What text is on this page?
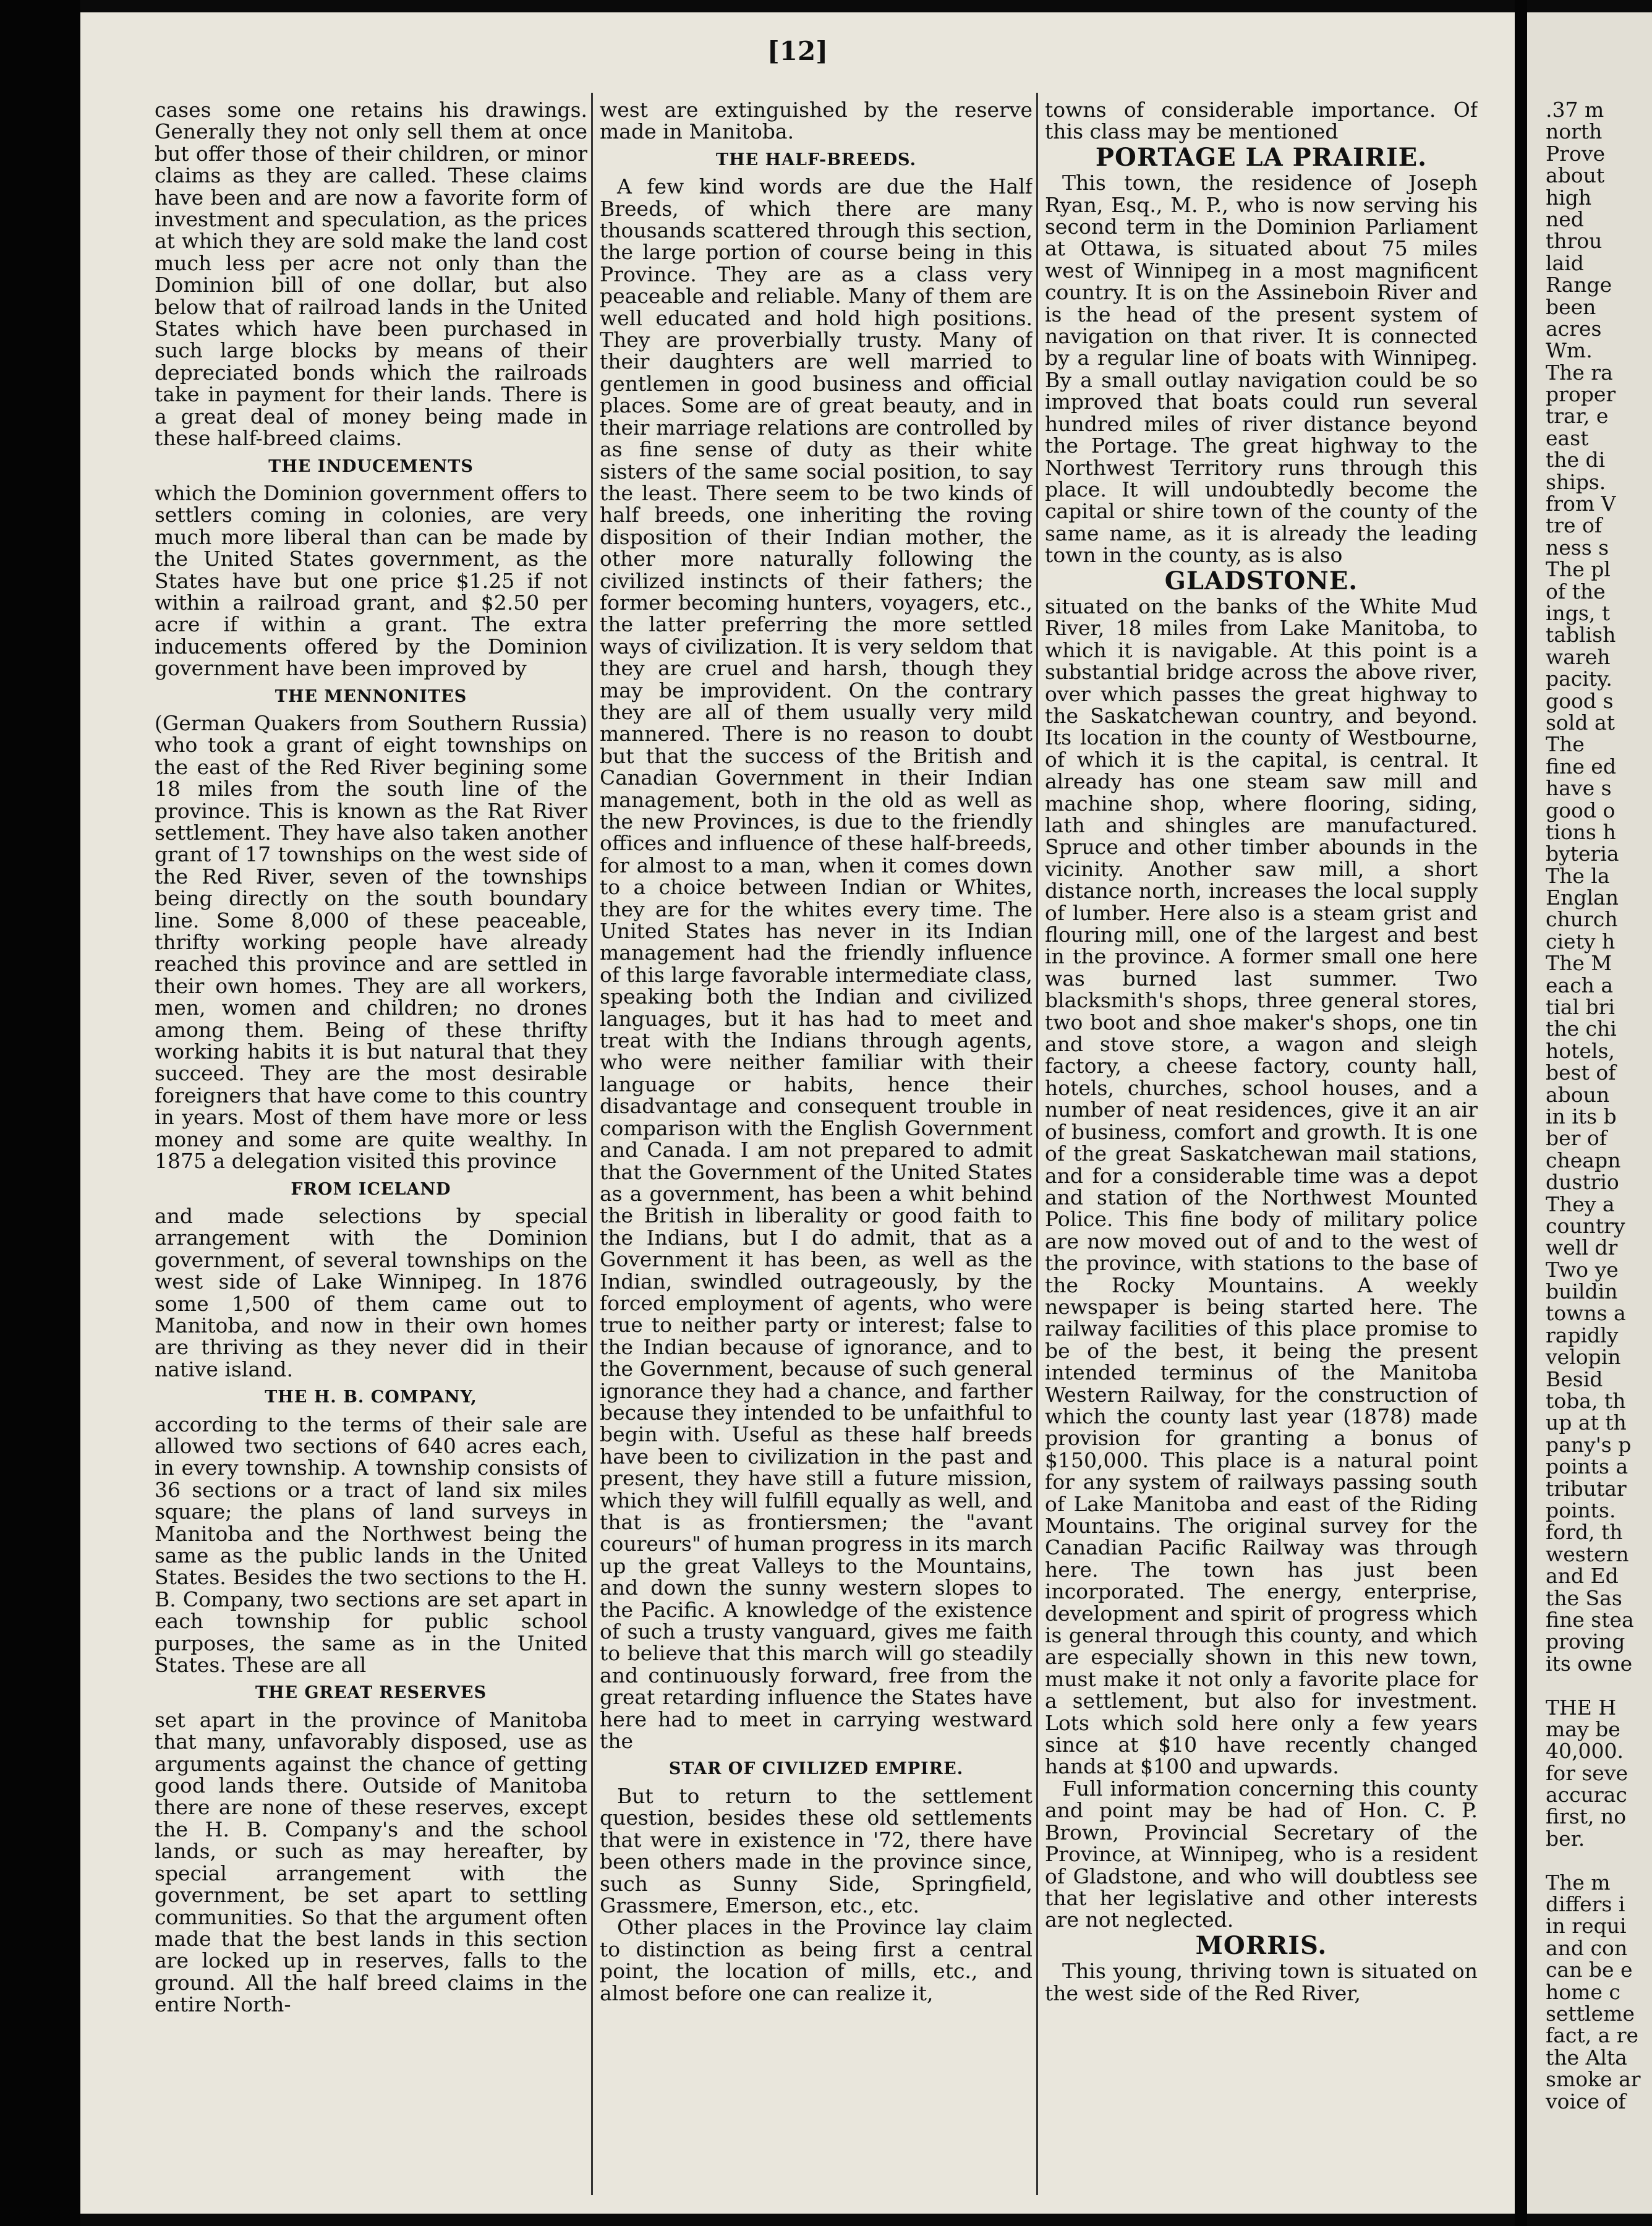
[12]

cases some one retains his drawings. Generally they not only sell them at once but offer those of their children, or minor claims as they are called. These claims have been and are now a favorite form of investment and speculation, as the prices at which they are sold make the land cost much less per acre not only than the Dominion bill of one dollar, but also below that of railroad lands in the United States which have been purchased in such large blocks by means of their depreciated bonds which the railroads take in payment for their lands. There is a great deal of money being made in these half-breed claims.

THE INDUCEMENTS

which the Dominion government offers to settlers coming in colonies, are very much more liberal than can be made by the United States government, as the States have but one price $1.25 if not within a railroad grant, and $2.50 per acre if within a grant. The extra inducements offered by the Dominion government have been improved by

THE MENNONITES

(German Quakers from Southern Russia) who took a grant of eight townships on the east of the Red River begining some 18 miles from the south line of the province. This is known as the Rat River settlement. They have also taken another grant of 17 townships on the west side of the Red River, seven of the townships being directly on the south boundary line. Some 8,000 of these peaceable, thrifty working people have already reached this province and are settled in their own homes. They are all workers, men, women and children; no drones among them. Being of these thrifty working habits it is but natural that they succeed. They are the most desirable foreigners that have come to this country in years. Most of them have more or less money and some are quite wealthy. In 1875 a delegation visited this province

FROM ICELAND

and made selections by special arrangement with the Dominion government, of several townships on the west side of Lake Winnipeg. In 1876 some 1,500 of them came out to Manitoba, and now in their own homes are thriving as they never did in their native island.

THE H. B. COMPANY,

according to the terms of their sale are allowed two sections of 640 acres each, in every township. A township consists of 36 sections or a tract of land six miles square; the plans of land surveys in Manitoba and the Northwest being the same as the public lands in the United States. Besides the two sections to the H. B. Company, two sections are set apart in each township for public school purposes, the same as in the United States. These are all

THE GREAT RESERVES

set apart in the province of Manitoba that many, unfavorably disposed, use as arguments against the chance of getting good lands there. Outside of Manitoba there are none of these reserves, except the H. B. Company's and the school lands, or such as may hereafter, by special arrangement with the government, be set apart to settling communities. So that the argument often made that the best lands in this section are locked up in reserves, falls to the ground. All the half breed claims in the entire North-

west are extinguished by the reserve made in Manitoba.

THE HALF-BREEDS.

A few kind words are due the Half Breeds, of which there are many thousands scattered through this section, the large portion of course being in this Province. They are as a class very peaceable and reliable. Many of them are well educated and hold high positions. They are proverbially trusty. Many of their daughters are well married to gentlemen in good business and official places. Some are of great beauty, and in their marriage relations are controlled by as fine sense of duty as their white sisters of the same social position, to say the least. There seem to be two kinds of half breeds, one inheriting the roving disposition of their Indian mother, the other more naturally following the civilized instincts of their fathers; the former becoming hunters, voyagers, etc., the latter preferring the more settled ways of civilization. It is very seldom that they are cruel and harsh, though they may be improvident. On the contrary they are all of them usually very mild mannered. There is no reason to doubt but that the success of the British and Canadian Government in their Indian management, both in the old as well as the new Provinces, is due to the friendly offices and influence of these half-breeds, for almost to a man, when it comes down to a choice between Indian or Whites, they are for the whites every time. The United States has never in its Indian management had the friendly influence of this large favorable intermediate class, speaking both the Indian and civilized languages, but it has had to meet and treat with the Indians through agents, who were neither familiar with their language or habits, hence their disadvantage and consequent trouble in comparison with the English Government and Canada. I am not prepared to admit that the Government of the United States as a government, has been a whit behind the British in liberality or good faith to the Indians, but I do admit, that as a Government it has been, as well as the Indian, swindled outrageously, by the forced employment of agents, who were true to neither party or interest; false to the Indian because of ignorance, and to the Government, because of such general ignorance they had a chance, and farther because they intended to be unfaithful to begin with. Useful as these half breeds have been to civilization in the past and present, they have still a future mission, which they will fulfill equally as well, and that is as frontiersmen; the "avant coureurs" of human progress in its march up the great Valleys to the Mountains, and down the sunny western slopes to the Pacific. A knowledge of the existence of such a trusty vanguard, gives me faith to believe that this march will go steadily and continuously forward, free from the great retarding influence the States have here had to meet in carrying westward the

STAR OF CIVILIZED EMPIRE.

But to return to the settlement question, besides these old settlements that were in existence in '72, there have been others made in the province since, such as Sunny Side, Springfield, Grassmere, Emerson, etc., etc.

Other places in the Province lay claim to distinction as being first a central point, the location of mills, etc., and almost before one can realize it,

towns of considerable importance. Of this class may be mentioned

PORTAGE LA PRAIRIE.

This town, the residence of Joseph Ryan, Esq., M. P., who is now serving his second term in the Dominion Parliament at Ottawa, is situated about 75 miles west of Winnipeg in a most magnificent country. It is on the Assineboin River and is the head of the present system of navigation on that river. It is connected by a regular line of boats with Winnipeg. By a small outlay navigation could be so improved that boats could run several hundred miles of river distance beyond the Portage. The great highway to the Northwest Territory runs through this place. It will undoubtedly become the capital or shire town of the county of the same name, as it is already the leading town in the county, as is also

GLADSTONE.

situated on the banks of the White Mud River, 18 miles from Lake Manitoba, to which it is navigable. At this point is a substantial bridge across the above river, over which passes the great highway to the Saskatchewan country, and beyond. Its location in the county of Westbourne, of which it is the capital, is central. It already has one steam saw mill and machine shop, where flooring, siding, lath and shingles are manufactured. Spruce and other timber abounds in the vicinity. Another saw mill, a short distance north, increases the local supply of lumber. Here also is a steam grist and flouring mill, one of the largest and best in the province. A former small one here was burned last summer. Two blacksmith's shops, three general stores, two boot and shoe maker's shops, one tin and stove store, a wagon and sleigh factory, a cheese factory, county hall, hotels, churches, school houses, and a number of neat residences, give it an air of business, comfort and growth. It is one of the great Saskatchewan mail stations, and for a considerable time was a depot and station of the Northwest Mounted Police. This fine body of military police are now moved out of and to the west of the province, with stations to the base of the Rocky Mountains. A weekly newspaper is being started here. The railway facilities of this place promise to be of the best, it being the present intended terminus of the Manitoba Western Railway, for the construction of which the county last year (1878) made provision for granting a bonus of $150,000. This place is a natural point for any system of railways passing south of Lake Manitoba and east of the Riding Mountains. The original survey for the Canadian Pacific Railway was through here. The town has just been incorporated. The energy, enterprise, development and spirit of progress which is general through this county, and which are especially shown in this new town, must make it not only a favorite place for a settlement, but also for investment. Lots which sold here only a few years since at $10 have recently changed hands at $100 and upwards.

Full information concerning this county and point may be had of Hon. C. P. Brown, Provincial Secretary of the Province, at Winnipeg, who is a resident of Gladstone, and who will doubtless see that her legislative and other interests are not neglected.

MORRIS.

This young, thriving town is situated on the west side of the Red River,

.37 m
north
Prove
about
high
ned
throu
laid
Range
been
acres
Wm.
The ra
proper
trar, e
east
the di
ships.
from V
tre of
ness s
The pl
of the
ings, t
tablish
wareh
pacity.
good s
sold at
The
fine ed
have s
good o
tions h
byteria
The la
Englan
church
ciety h
The M
each a
tial bri
the chi
hotels,
best of
aboun
in its b
ber of
cheapn
dustrio
They a
country
well dr
Two ye
buildin
towns a
rapidly
velopin
Besid
toba, th
up at th
pany's p
points a
tributar
points.
ford, th
western
and Ed
the Sas
fine stea
proving
its owne
THE H
may be
40,000.
for seve
accurac
first, no
ber.
The m
differs i
in requi
and con
can be e
home c
settleme
fact, a re
the Alta
smoke ar
voice of
